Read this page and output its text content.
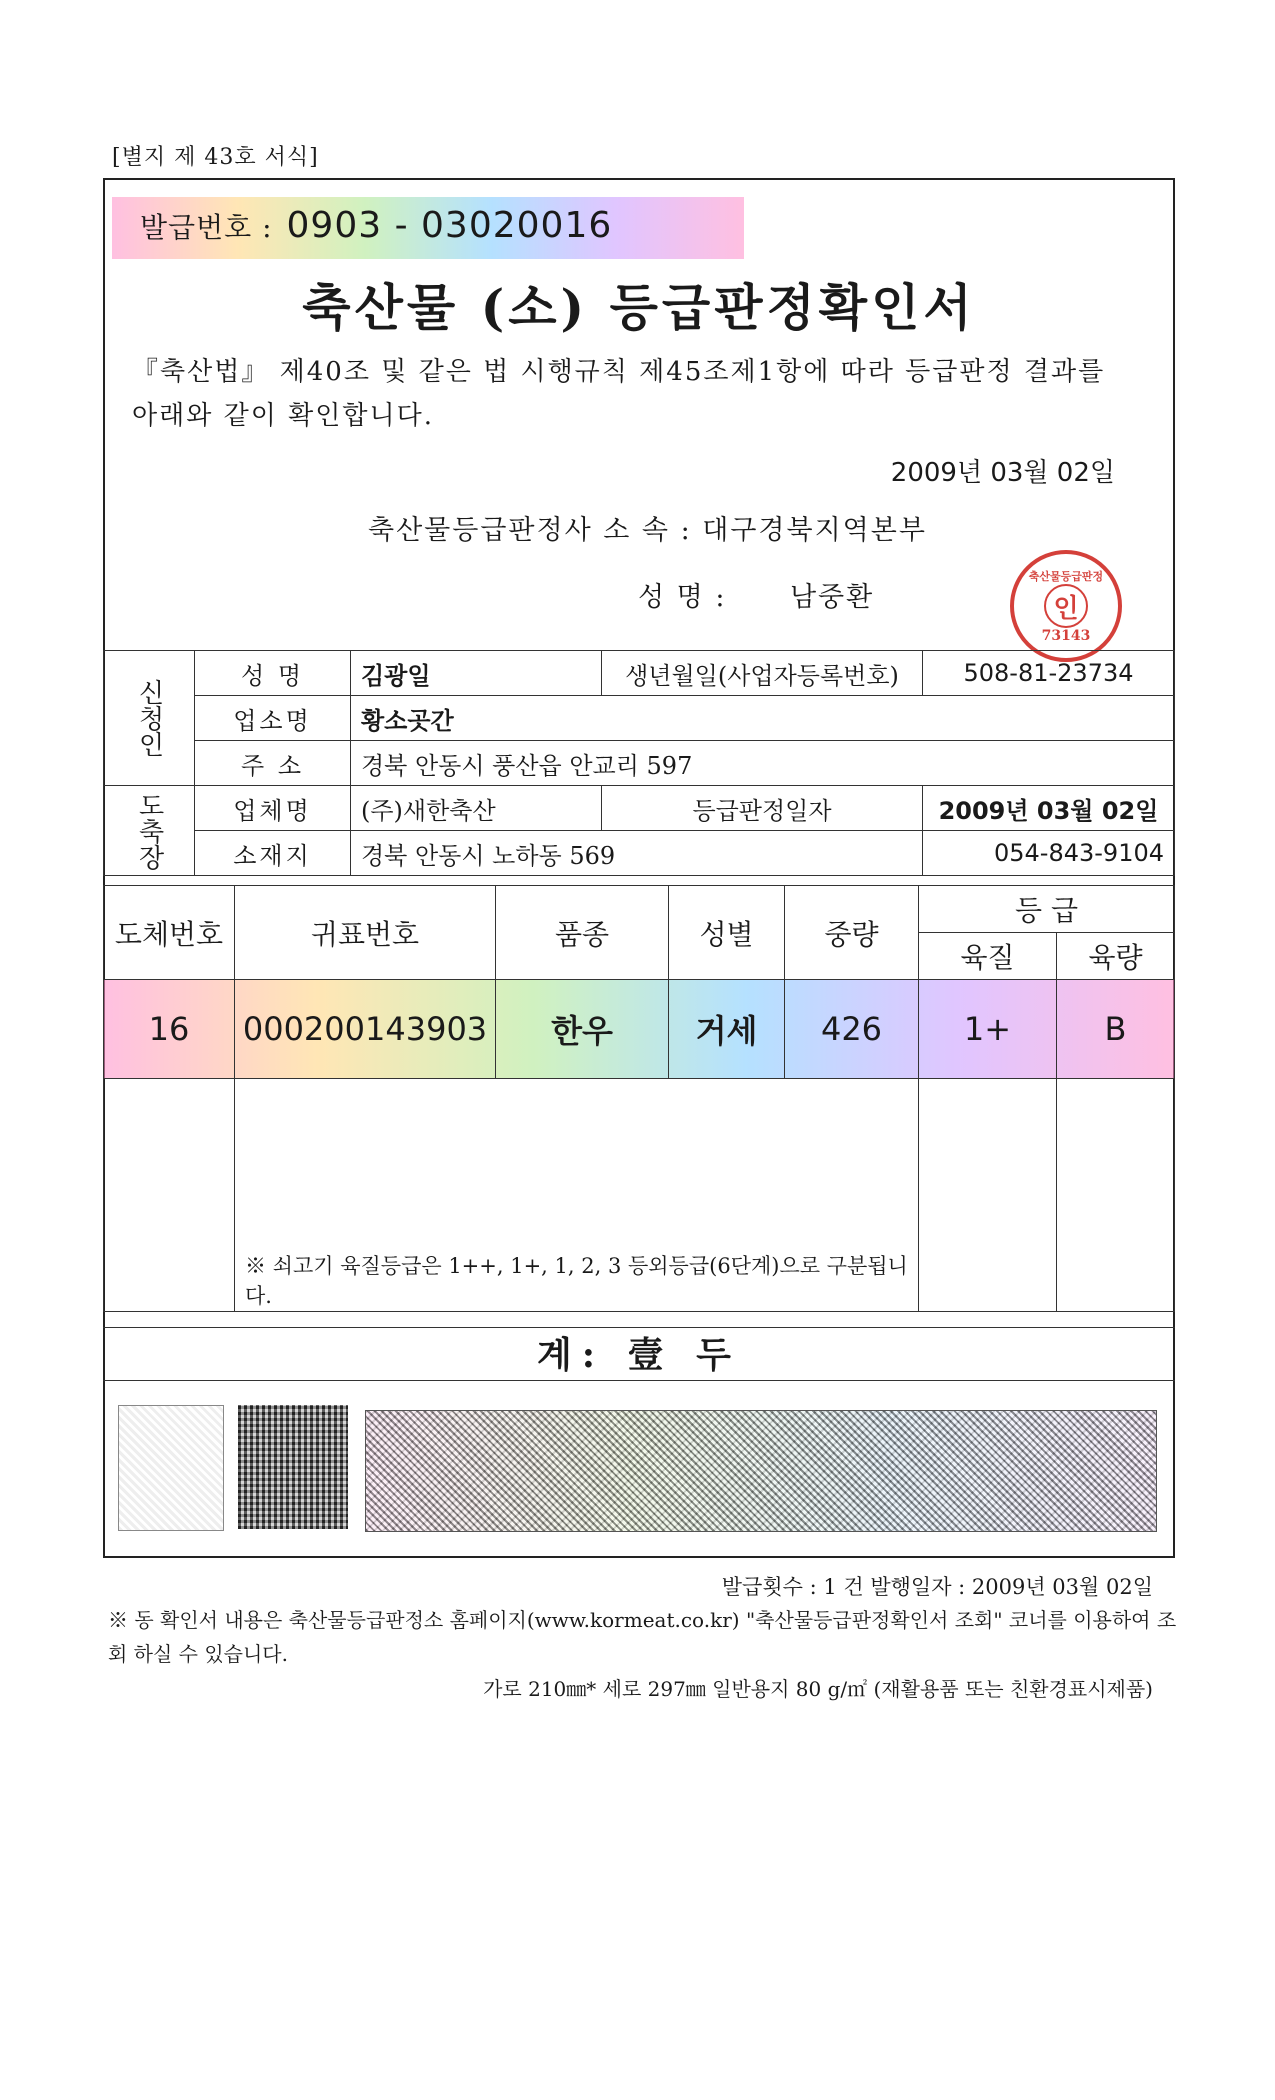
[별지 제 43호 서식]
발급번호 : 0903 - 03020016
축산물 (소) 등급판정확인서
『축산법』 제40조 및 같은 법 시행규칙 제45조제1항에 따라 등급판정 결과를 아래와 같이 확인합니다.
2009년 03월 02일
축산물등급판정사 소 속 : 대구경북지역본부
성 명 : 남중환
축산물등급판정
인
73143
신청인	성 명	김광일	생년월일(사업자등록번호)	508-81-23734
	업소명	황소곳간		
	주 소	경북 안동시 풍산읍 안교리 597		
도축장	업체명	(주)새한축산	등급판정일자	2009년 03월 02일
	소재지	경북 안동시 노하동 569		054-843-9104
도체번호	귀표번호	품종	성별	중량	등 급	
					육질	육량
16	000200143903	한우	거세	426	1+	B
	※ 쇠고기 육질등급은 1++, 1+, 1, 2, 3 등외등급(6단계)으로 구분됩니다.					
계: 壹 두
발급횟수 : 1 건 발행일자 : 2009년 03월 02일
※ 동 확인서 내용은 축산물등급판정소 홈페이지(www.kormeat.co.kr) "축산물등급판정확인서 조회" 코너를 이용하여 조회 하실 수 있습니다.
가로 210㎜* 세로 297㎜ 일반용지 80 g/㎡ (재활용품 또는 친환경표시제품)
